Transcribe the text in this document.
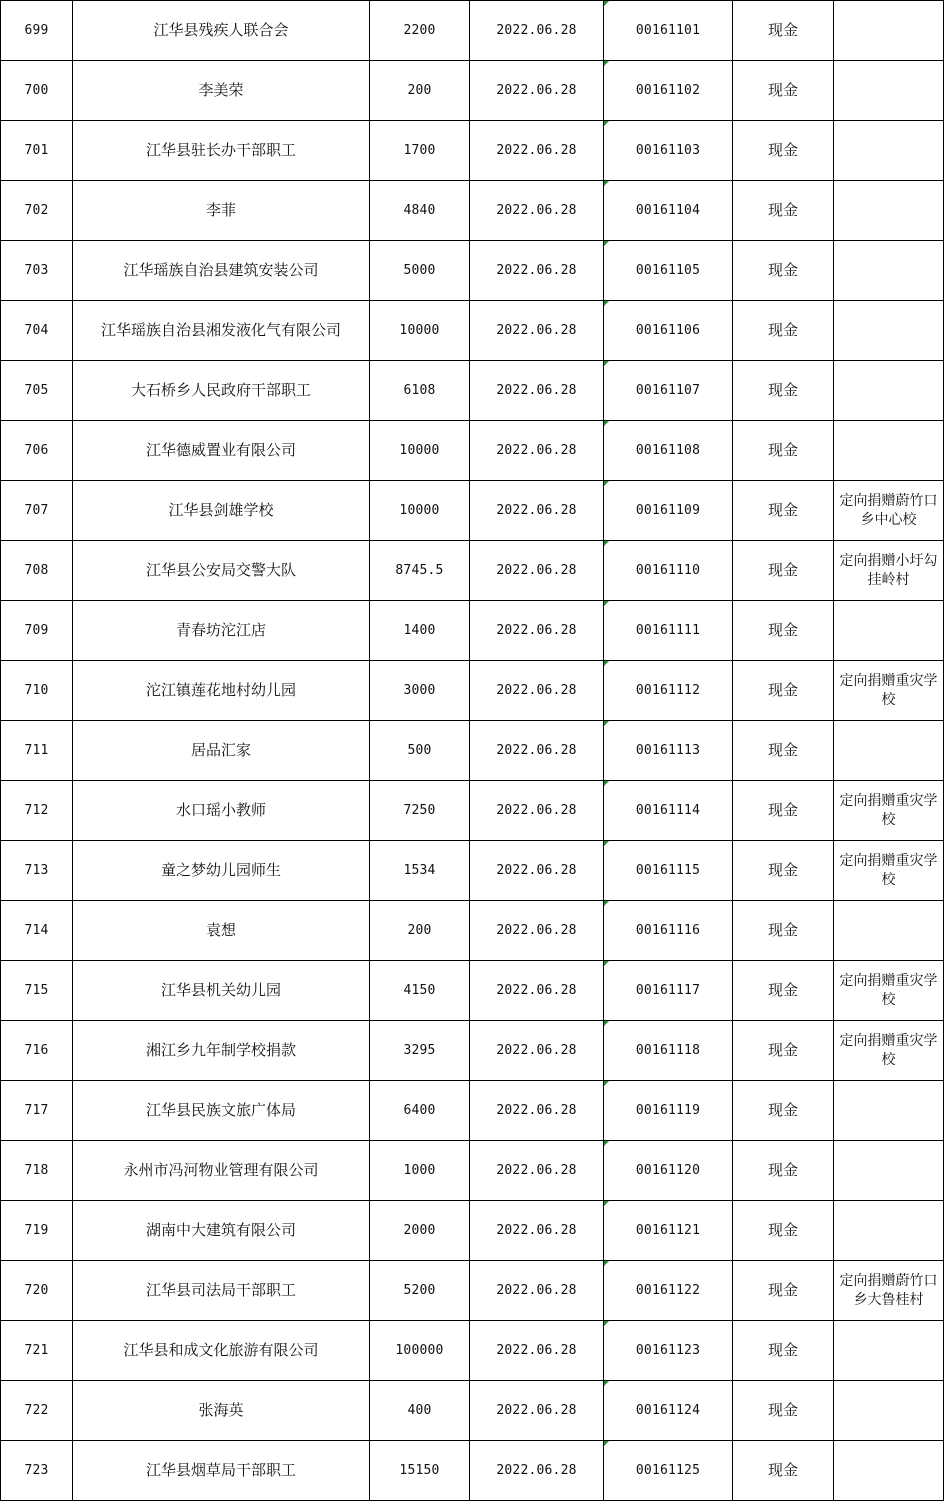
699	江华县残疾人联合会	2200	2022.06.28	00161101	现金	
700	李美荣	200	2022.06.28	00161102	现金	
701	江华县驻长办干部职工	1700	2022.06.28	00161103	现金	
702	李菲	4840	2022.06.28	00161104	现金	
703	江华瑶族自治县建筑安装公司	5000	2022.06.28	00161105	现金	
704	江华瑶族自治县湘发液化气有限公司	10000	2022.06.28	00161106	现金	
705	大石桥乡人民政府干部职工	6108	2022.06.28	00161107	现金	
706	江华德威置业有限公司	10000	2022.06.28	00161108	现金	
707	江华县剑雄学校	10000	2022.06.28	00161109	现金	定向捐赠蔚竹口乡中心校
708	江华县公安局交警大队	8745.5	2022.06.28	00161110	现金	定向捐赠小圩勾挂岭村
709	青春坊沱江店	1400	2022.06.28	00161111	现金	
710	沱江镇莲花地村幼儿园	3000	2022.06.28	00161112	现金	定向捐赠重灾学校
711	居品汇家	500	2022.06.28	00161113	现金	
712	水口瑶小教师	7250	2022.06.28	00161114	现金	定向捐赠重灾学校
713	童之梦幼儿园师生	1534	2022.06.28	00161115	现金	定向捐赠重灾学校
714	袁想	200	2022.06.28	00161116	现金	
715	江华县机关幼儿园	4150	2022.06.28	00161117	现金	定向捐赠重灾学校
716	湘江乡九年制学校捐款	3295	2022.06.28	00161118	现金	定向捐赠重灾学校
717	江华县民族文旅广体局	6400	2022.06.28	00161119	现金	
718	永州市冯河物业管理有限公司	1000	2022.06.28	00161120	现金	
719	湖南中大建筑有限公司	2000	2022.06.28	00161121	现金	
720	江华县司法局干部职工	5200	2022.06.28	00161122	现金	定向捐赠蔚竹口乡大鲁桂村
721	江华县和成文化旅游有限公司	100000	2022.06.28	00161123	现金	
722	张海英	400	2022.06.28	00161124	现金	
723	江华县烟草局干部职工	15150	2022.06.28	00161125	现金	
